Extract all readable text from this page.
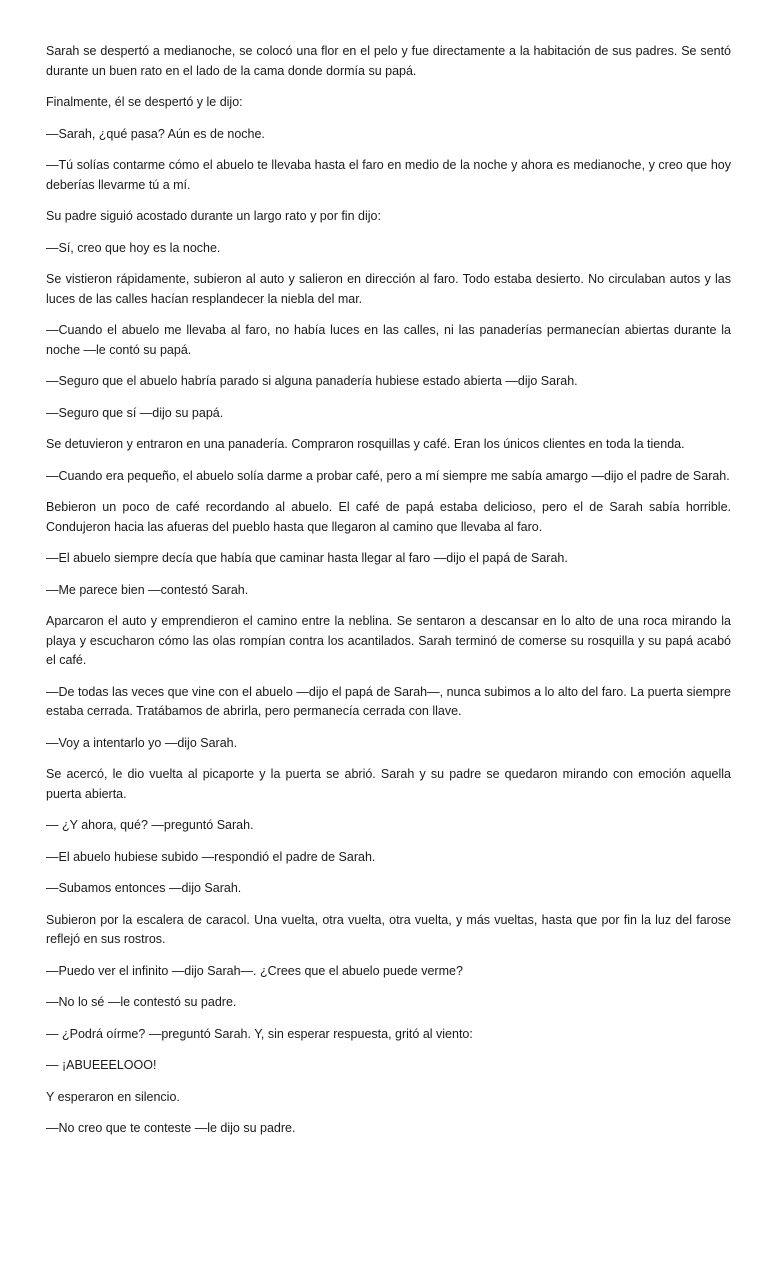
Sarah se despertó a medianoche, se colocó una flor en el pelo y fue directamente a la habitación de sus padres. Se sentó durante un buen rato en el lado de la cama donde dormía su papá.

Finalmente, él se despertó y le dijo:

—Sarah, ¿qué pasa? Aún es de noche.

—Tú solías contarme cómo el abuelo te llevaba hasta el faro en medio de la noche y ahora es medianoche, y creo que hoy deberías llevarme tú a mí.

Su padre siguió acostado durante un largo rato y por fin dijo:

—Sí, creo que hoy es la noche.

Se vistieron rápidamente, subieron al auto y salieron en dirección al faro. Todo estaba desierto. No circulaban autos y las luces de las calles hacían resplandecer la niebla del mar.

—Cuando el abuelo me llevaba al faro, no había luces en las calles, ni las panaderías permanecían abiertas durante la noche —le contó su papá.

—Seguro que el abuelo habría parado si alguna panadería hubiese estado abierta —dijo Sarah.

—Seguro que sí —dijo su papá.

Se detuvieron y entraron en una panadería. Compraron rosquillas y café. Eran los únicos clientes en toda la tienda.

—Cuando era pequeño, el abuelo solía darme a probar café, pero a mí siempre me sabía amargo —dijo el padre de Sarah.

Bebieron un poco de café recordando al abuelo. El café de papá estaba delicioso, pero el de Sarah sabía horrible. Condujeron hacia las afueras del pueblo hasta que llegaron al camino que llevaba al faro.

—El abuelo siempre decía que había que caminar hasta llegar al faro —dijo el papá de Sarah.

—Me parece bien —contestó Sarah.

Aparcaron el auto y emprendieron el camino entre la neblina. Se sentaron a descansar en lo alto de una roca mirando la playa y escucharon cómo las olas rompían contra los acantilados. Sarah terminó de comerse su rosquilla y su papá acabó el café.

—De todas las veces que vine con el abuelo —dijo el papá de Sarah—, nunca subimos a lo alto del faro. La puerta siempre estaba cerrada. Tratábamos de abrirla, pero permanecía cerrada con llave.

—Voy a intentarlo yo —dijo Sarah.

Se acercó, le dio vuelta al picaporte y la puerta se abrió. Sarah y su padre se quedaron mirando con emoción aquella puerta abierta.

— ¿Y ahora, qué? —preguntó Sarah.

—El abuelo hubiese subido —respondió el padre de Sarah.

—Subamos entonces —dijo Sarah.

Subieron por la escalera de caracol. Una vuelta, otra vuelta, otra vuelta, y más vueltas, hasta que por fin la luz del farose reflejó en sus rostros.

—Puedo ver el infinito —dijo Sarah—. ¿Crees que el abuelo puede verme?

—No lo sé —le contestó su padre.

— ¿Podrá oírme? —preguntó Sarah. Y, sin esperar respuesta, gritó al viento:

— ¡ABUEEELOOO!

Y esperaron en silencio.

—No creo que te conteste —le dijo su padre.
